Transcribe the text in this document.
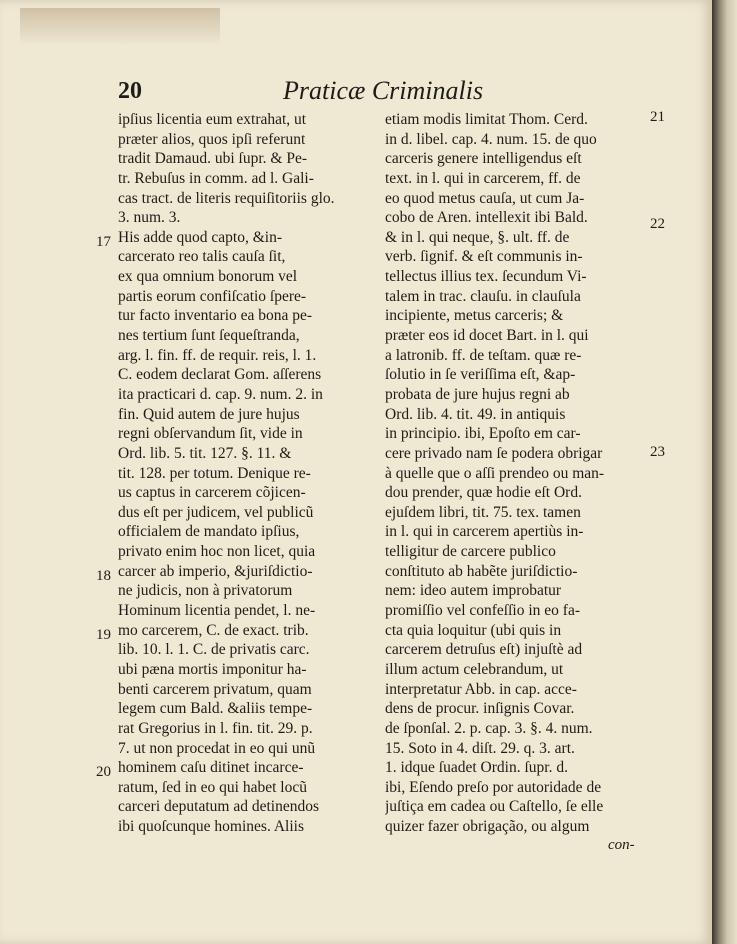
20	Praticæ Criminalis
ipſius licentia eum extrahat, ut
præter alios, quos ipſi referunt
tradit Damaud. ubi ſupr. & Pe-
tr. Rebuſus in comm. ad l. Gali-
cas tract. de literis requiſitoriis glo.
3. num. 3.
His adde quod capto, &in-
carcerato reo talis cauſa ſit,
ex qua omnium bonorum vel
partis eorum confiſcatio ſpere-
tur facto inventario ea bona pe-
nes tertium ſunt ſequeſtranda,
arg. l. fin. ff. de requir. reis, l. 1.
C. eodem declarat Gom. aſſerens
ita practicari d. cap. 9. num. 2. in
fin. Quid autem de jure hujus
regni obſervandum ſit, vide in
Ord. lib. 5. tit. 127. §. 11. &
tit. 128. per totum. Denique re-
us captus in carcerem cõjicen-
dus eſt per judicem, vel publicũ
officialem de mandato ipſius,
privato enim hoc non licet, quia
carcer ab imperio, &juriſdictio-
ne judicis, non à privatorum
Hominum licentia pendet, l. ne-
mo carcerem, C. de exact. trib.
lib. 10. l. 1. C. de privatis carc.
ubi pæna mortis imponitur ha-
benti carcerem privatum, quam
legem cum Bald. &aliis tempe-
rat Gregorius in l. fin. tit. 29. p.
7. ut non procedat in eo qui unũ
hominem caſu ditinet incarce-
ratum, ſed in eo qui habet locũ
carceri deputatum ad detinendos
ibi quoſcunque homines. Aliis
etiam modis limitat Thom. Cerd.
in d. libel. cap. 4. num. 15. de quo
carceris genere intelligendus eſt
text. in l. qui in carcerem, ff. de
eo quod metus cauſa, ut cum Ja-
cobo de Aren. intellexit ibi Bald.
& in l. qui neque, §. ult. ff. de
verb. ſignif. & eſt communis in-
tellectus illius tex. ſecundum Vi-
talem in trac. clauſu. in clauſula
incipiente, metus carceris; &
præter eos id docet Bart. in l. qui
a latronib. ff. de teſtam. quæ re-
ſolutio in ſe veriſſima eſt, &ap-
probata de jure hujus regni ab
Ord. lib. 4. tit. 49. in antiquis
in principio. ibi, Epoſto em car-
cere privado nam ſe podera obrigar
à quelle que o aſſi prendeo ou man-
dou prender, quæ hodie eſt Ord.
ejuſdem libri, tit. 75. tex. tamen
in l. qui in carcerem apertiùs in-
telligitur de carcere publico
conſtituto ab habẽte juriſdictio-
nem: ideo autem improbatur
promiſſio vel confeſſio in eo fa-
cta quia loquitur (ubi quis in
carcerem detruſus eſt) injuſtè ad
illum actum celebrandum, ut
interpretatur Abb. in cap. acce-
dens de procur. inſignis Covar.
de ſponſal. 2. p. cap. 3. §. 4. num.
15. Soto in 4. diſt. 29. q. 3. art.
1. idque ſuadet Ordin. ſupr. d.
ibi, Eſendo preſo por autoridade de
juſtiça em cadea ou Caſtello, ſe elle
quizer fazer obrigação, ou algum
17
18
19
20
21
22
23
con-
